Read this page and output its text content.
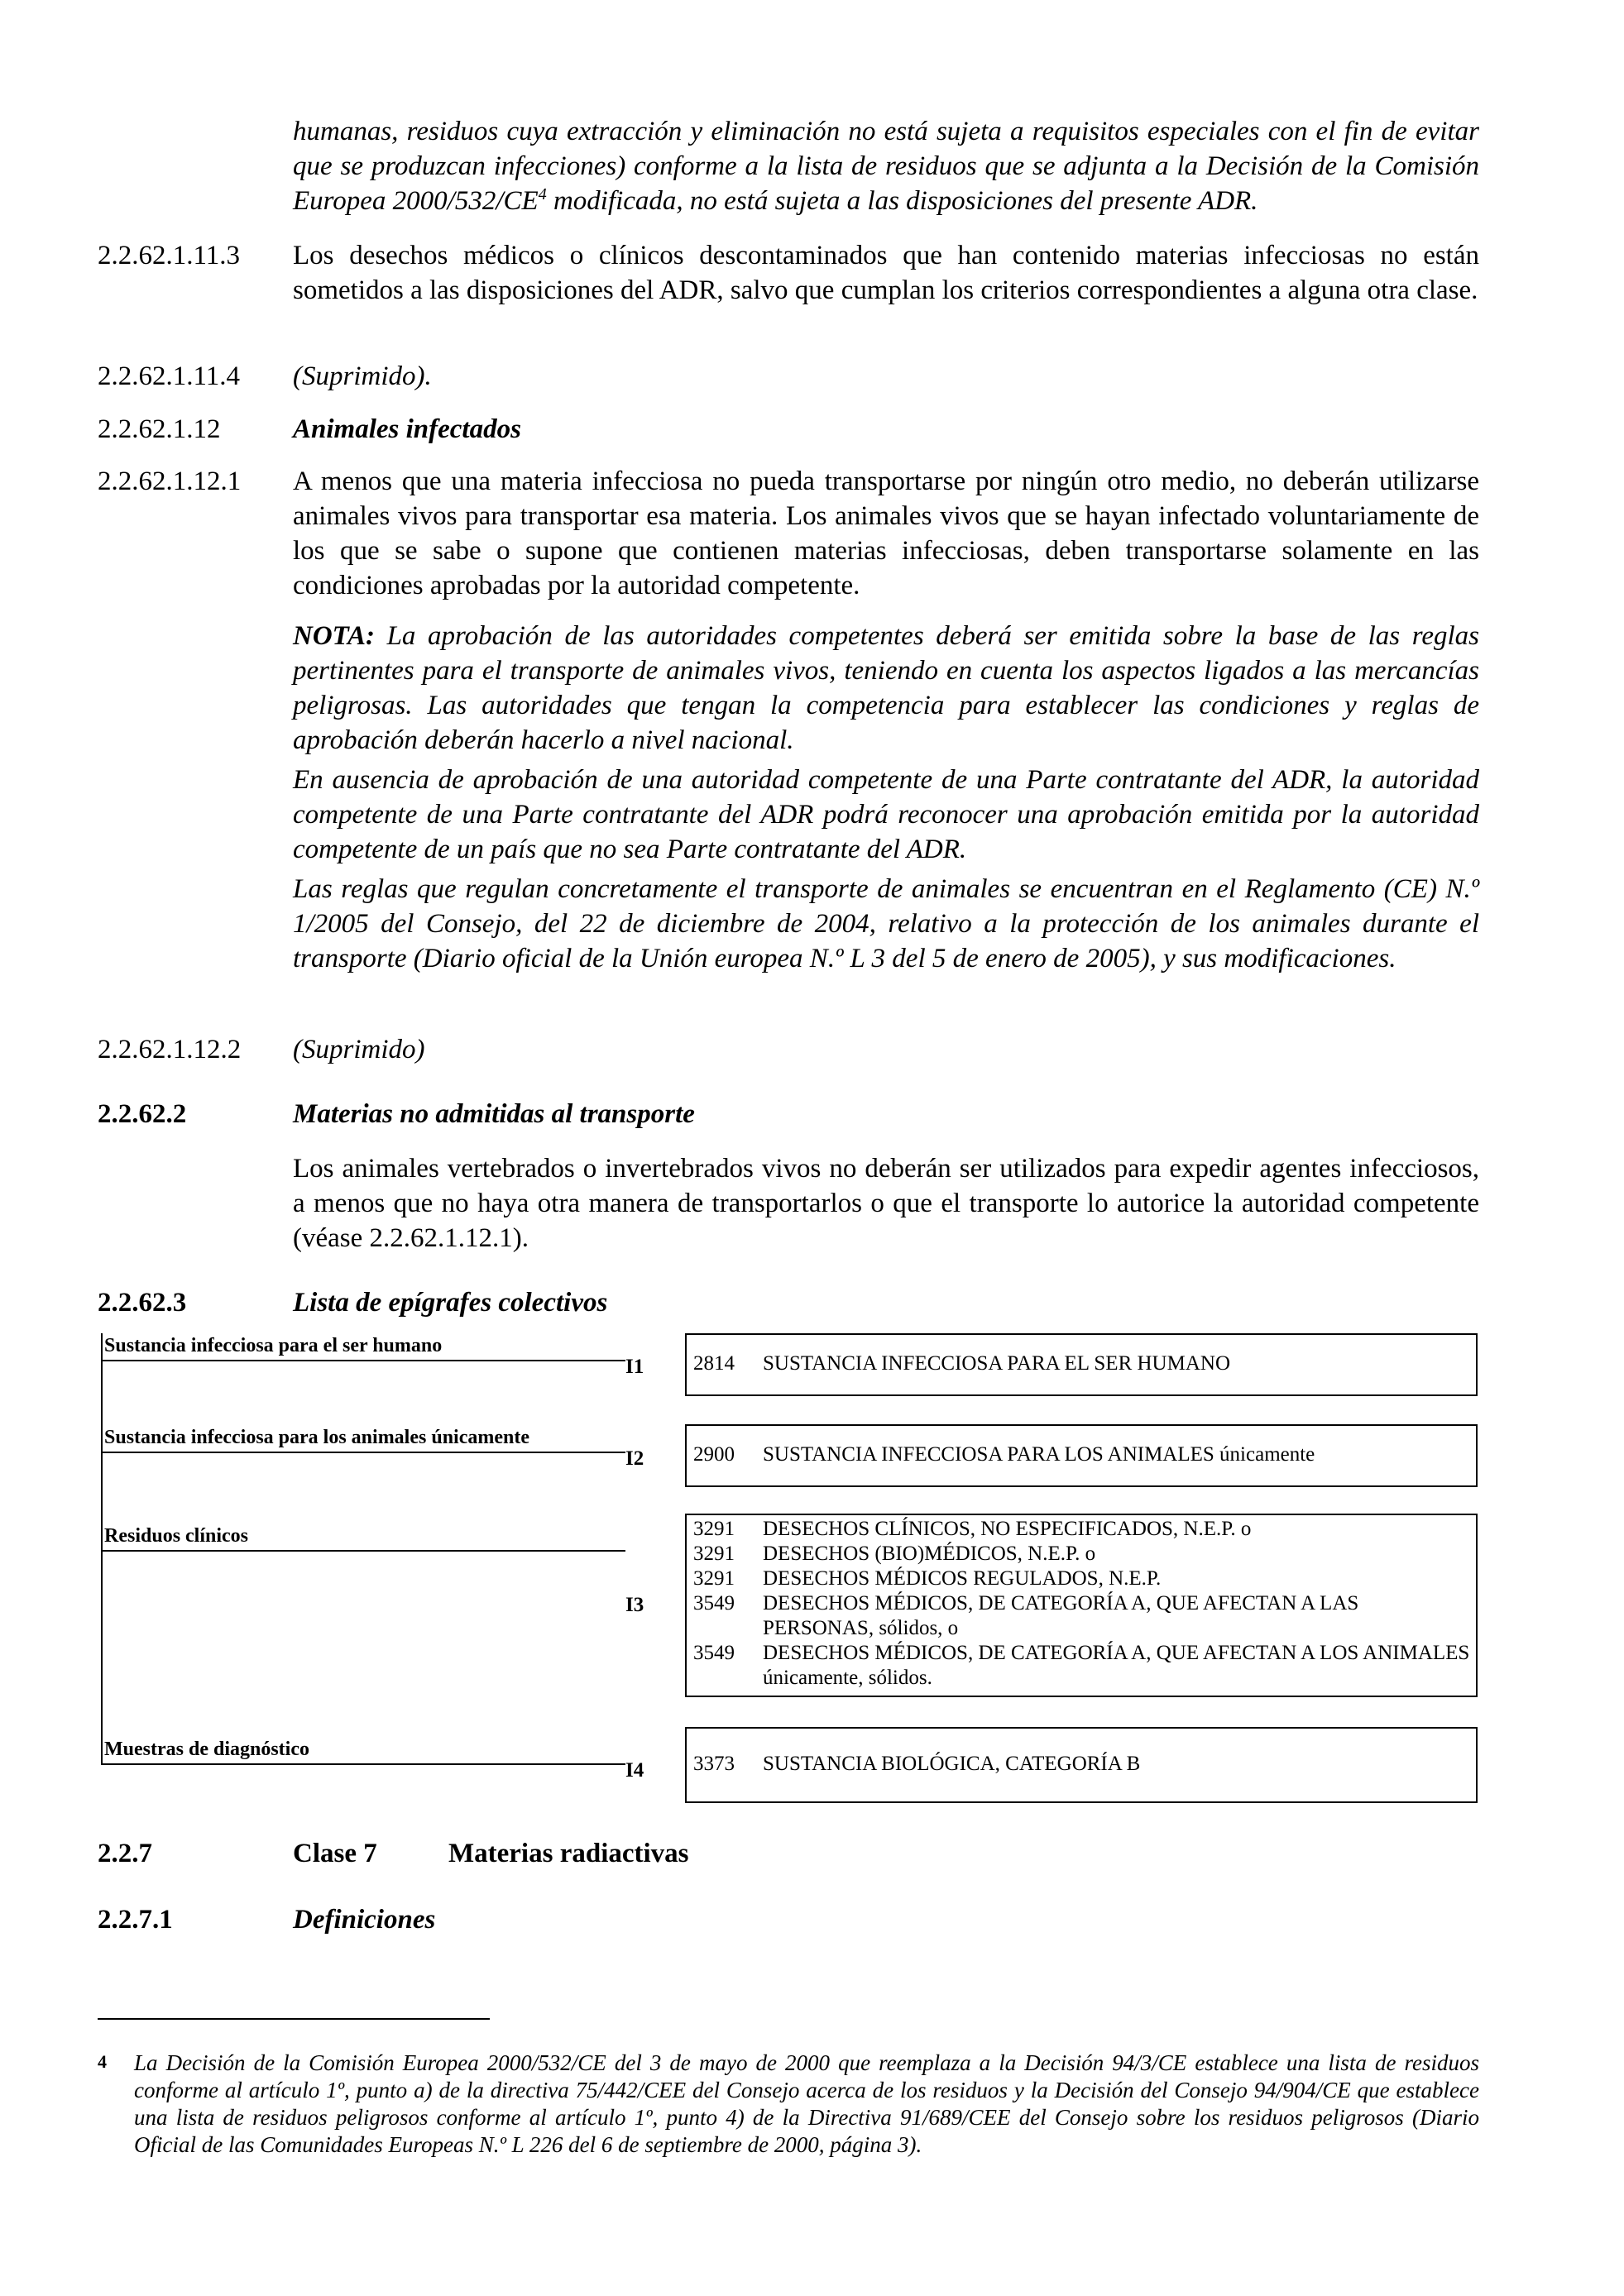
humanas, residuos cuya extracción y eliminación no está sujeta a requisitos especiales con el fin de evitar que se produzcan infecciones) conforme a la lista de residuos que se adjunta a la Decisión de la Comisión Europea $2000/532/CE^4$ modificada, no está sujeta a las disposiciones del presente ADR.

2.2.62.1.11.3 Los desechos médicos o clínicos descontaminados que han contenido materias infecciosas no están sometidos a las disposiciones del ADR, salvo que cumplan los criterios correspondientes a alguna otra clase.

2.2.62.1.11.4 (Suprimido).

2.2.62.1.12	Animales infectados

2.2.62.1.12.1 A menos que una materia infecciosa no pueda transportarse por ningún otro medio, no deberán utilizarse animales vivos para transportar esa materia. Los animales vivos que se hayan infectado voluntariamente de los que se sabe o supone que contienen materias infecciosas, deben transportarse solamente en las condiciones aprobadas por la autoridad competente.

NOTA: La aprobación de las autoridades competentes deberá ser emitida sobre la base de las reglas pertinentes para el transporte de animales vivos, teniendo en cuenta los aspectos ligados a las mercancías peligrosas. Las autoridades que tengan la competencia para establecer las condiciones y reglas de aprobación deberán hacerlo a nivel nacional.

En ausencia de aprobación de una autoridad competente de una Parte contratante del ADR, la autoridad competente de una Parte contratante del ADR podrá reconocer una aprobación emitida por la autoridad competente de un país que no sea Parte contratante del ADR.

Las reglas que regulan concretamente el transporte de animales se encuentran en el Reglamento (CE) N.º 1/2005 del Consejo, del 22 de diciembre de 2004, relativo a la protección de los animales durante el transporte (Diario oficial de la Unión europea N.º L 3 del 5 de enero de 2005), y sus modificaciones.

2.2.62.1.12.2 (Suprimido)

2.2.62.2	Materias no admitidas al transporte

Los animales vertebrados o invertebrados vivos no deberán ser utilizados para expedir agentes infecciosos, a menos que no haya otra manera de transportarlos o que el transporte lo autorice la autoridad competente (véase 2.2.62.1.12.1).

2.2.62.3	Lista de epígrafes colectivos

Sustancia infecciosa para el ser humano
I1 2814 SUSTANCIA INFECCIOSA PARA EL SER HUMANO
Sustancia infecciosa para los animales únicamente
I2 2900 SUSTANCIA INFECCIOSA PARA LOS ANIMALES únicamente
Residuos clínicos
I3
3291 DESECHOS CLÍNICOS, NO ESPECIFICADOS, N.E.P. o
3291 DESECHOS (BIO)MÉDICOS, N.E.P. o
3291 DESECHOS MÉDICOS REGULADOS, N.E.P.
3549 DESECHOS MÉDICOS, DE CATEGORÍA A, QUE AFECTAN A LAS PERSONAS, sólidos, o
3549 DESECHOS MÉDICOS, DE CATEGORÍA A, QUE AFECTAN A LOS ANIMALES únicamente, sólidos.
Muestras de diagnóstico
I4 3373 SUSTANCIA BIOLÓGICA, CATEGORÍA B
2.2.7	Clase 7	Materias radiactivas
2.2.7.1	Definiciones
4 La Decisión de la Comisión Europea 2000/532/CE del 3 de mayo de 2000 que reemplaza a la Decisión 94/3/CE establece una lista de residuos conforme al artículo 1º, punto a) de la directiva 75/442/CEE del Consejo acerca de los residuos y la Decisión del Consejo 94/904/CE que establece una lista de residuos peligrosos conforme al artículo 1º, punto 4) de la Directiva 91/689/CEE del Consejo sobre los residuos peligrosos (Diario Oficial de las Comunidades Europeas N.º L 226 del 6 de septiembre de 2000, página 3).
